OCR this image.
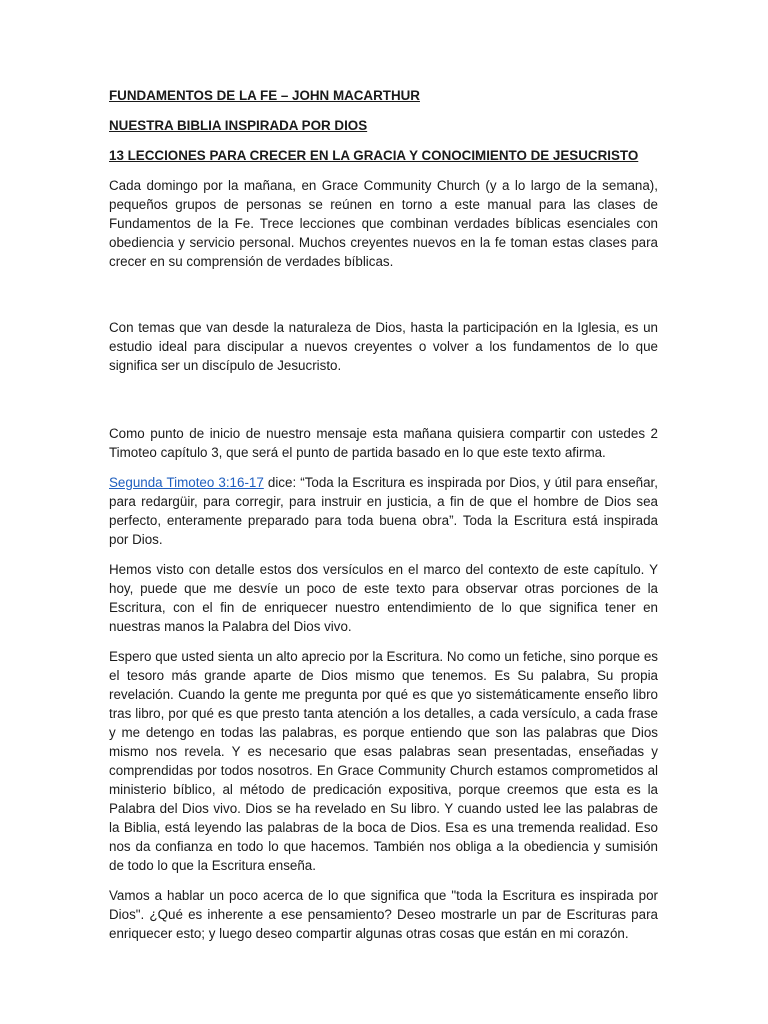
FUNDAMENTOS DE LA FE – JOHN MACARTHUR
NUESTRA BIBLIA INSPIRADA POR DIOS
13 LECCIONES PARA CRECER EN LA GRACIA Y CONOCIMIENTO DE JESUCRISTO

Cada domingo por la mañana, en Grace Community Church (y a lo largo de la semana), pequeños grupos de personas se reúnen en torno a este manual para las clases de Fundamentos de la Fe. Trece lecciones que combinan verdades bíblicas esenciales con obediencia y servicio personal. Muchos creyentes nuevos en la fe toman estas clases para crecer en su comprensión de verdades bíblicas.

Con temas que van desde la naturaleza de Dios, hasta la participación en la Iglesia, es un estudio ideal para discipular a nuevos creyentes o volver a los fundamentos de lo que significa ser un discípulo de Jesucristo.

Como punto de inicio de nuestro mensaje esta mañana quisiera compartir con ustedes 2 Timoteo capítulo 3, que será el punto de partida basado en lo que este texto afirma.

Segunda Timoteo 3:16-17 dice: “Toda la Escritura es inspirada por Dios, y útil para enseñar, para redargüir, para corregir, para instruir en justicia, a fin de que el hombre de Dios sea perfecto, enteramente preparado para toda buena obra”. Toda la Escritura está inspirada por Dios.

Hemos visto con detalle estos dos versículos en el marco del contexto de este capítulo. Y hoy, puede que me desvíe un poco de este texto para observar otras porciones de la Escritura, con el fin de enriquecer nuestro entendimiento de lo que significa tener en nuestras manos la Palabra del Dios vivo.

Espero que usted sienta un alto aprecio por la Escritura. No como un fetiche, sino porque es el tesoro más grande aparte de Dios mismo que tenemos. Es Su palabra, Su propia revelación. Cuando la gente me pregunta por qué es que yo sistemáticamente enseño libro tras libro, por qué es que presto tanta atención a los detalles, a cada versículo, a cada frase y me detengo en todas las palabras, es porque entiendo que son las palabras que Dios mismo nos revela. Y es necesario que esas palabras sean presentadas, enseñadas y comprendidas por todos nosotros. En Grace Community Church estamos comprometidos al ministerio bíblico, al método de predicación expositiva, porque creemos que esta es la Palabra del Dios vivo. Dios se ha revelado en Su libro. Y cuando usted lee las palabras de la Biblia, está leyendo las palabras de la boca de Dios. Esa es una tremenda realidad. Eso nos da confianza en todo lo que hacemos. También nos obliga a la obediencia y sumisión de todo lo que la Escritura enseña.

Vamos a hablar un poco acerca de lo que significa que "toda la Escritura es inspirada por Dios". ¿Qué es inherente a ese pensamiento? Deseo mostrarle un par de Escrituras para enriquecer esto; y luego deseo compartir algunas otras cosas que están en mi corazón.
